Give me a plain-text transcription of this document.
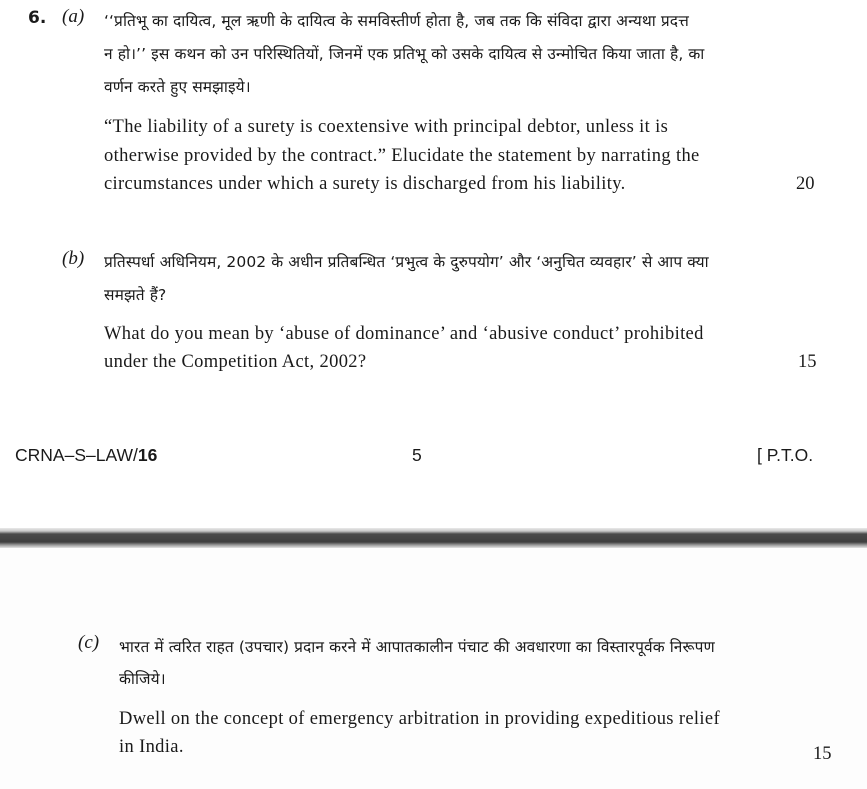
6. (a) ‘‘प्रतिभू का दायित्व, मूल ऋणी के दायित्व के समविस्तीर्ण होता है, जब तक कि संविदा द्वारा अन्यथा प्रदत्त
न हो।’’ इस कथन को उन परिस्थितियों, जिनमें एक प्रतिभू को उसके दायित्व से उन्मोचित किया जाता है, का
वर्णन करते हुए समझाइये।
“The liability of a surety is coextensive with principal debtor, unless it is
otherwise provided by the contract.” Elucidate the statement by narrating the
circumstances under which a surety is discharged from his liability.	20
(b) प्रतिस्पर्धा अधिनियम, 2002 के अधीन प्रतिबन्धित ‘प्रभुत्व के दुरुपयोग’ और ‘अनुचित व्यवहार’ से आप क्या
समझते हैं?
What do you mean by ‘abuse of dominance’ and ‘abusive conduct’ prohibited
under the Competition Act, 2002?	15
CRNA–S–LAW/16	5	[ P.T.O.
(c) भारत में त्वरित राहत (उपचार) प्रदान करने में आपातकालीन पंचाट की अवधारणा का विस्तारपूर्वक निरूपण
कीजिये।
Dwell on the concept of emergency arbitration in providing expeditious relief
in India.	15
